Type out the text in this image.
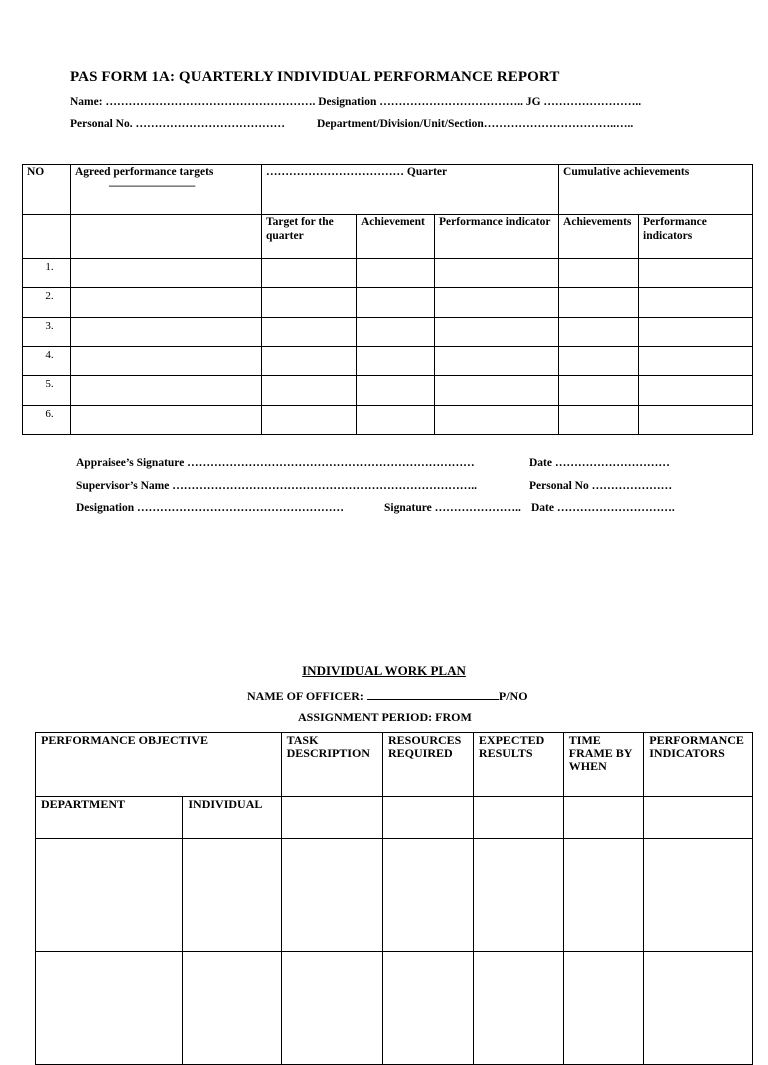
PAS FORM 1A: QUARTERLY INDIVIDUAL PERFORMANCE REPORT
Name: ………………………………………………. Designation ……………………………….. JG ……………………..
Personal No. …………………………………	Department/Division/Unit/Section……………………………..…..
NO	Agreed performance targets	……………………………… Quarter			Cumulative achievements	
		Target for the quarter	Achievement	Performance indicator	Achievements	Performance indicators
1.						
2.						
3.						
4.						
5.						
6.						
_______________
Appraisee’s Signature …………………………………………………………………	Date …………………………
Supervisor’s Name ……………………………………………………………………..	Personal No …………………
Designation ………………………………………………	Signature ………………….. Date ………………………….
INDIVIDUAL WORK PLAN
NAME OF OFFICER:	P/NO
ASSIGNMENT PERIOD: FROM
PERFORMANCE OBJECTIVE		TASK DESCRIPTION	RESOURCES REQUIRED	EXPECTED RESULTS	TIME FRAME BY WHEN	PERFORMANCE INDICATORS
DEPARTMENT	INDIVIDUAL					
